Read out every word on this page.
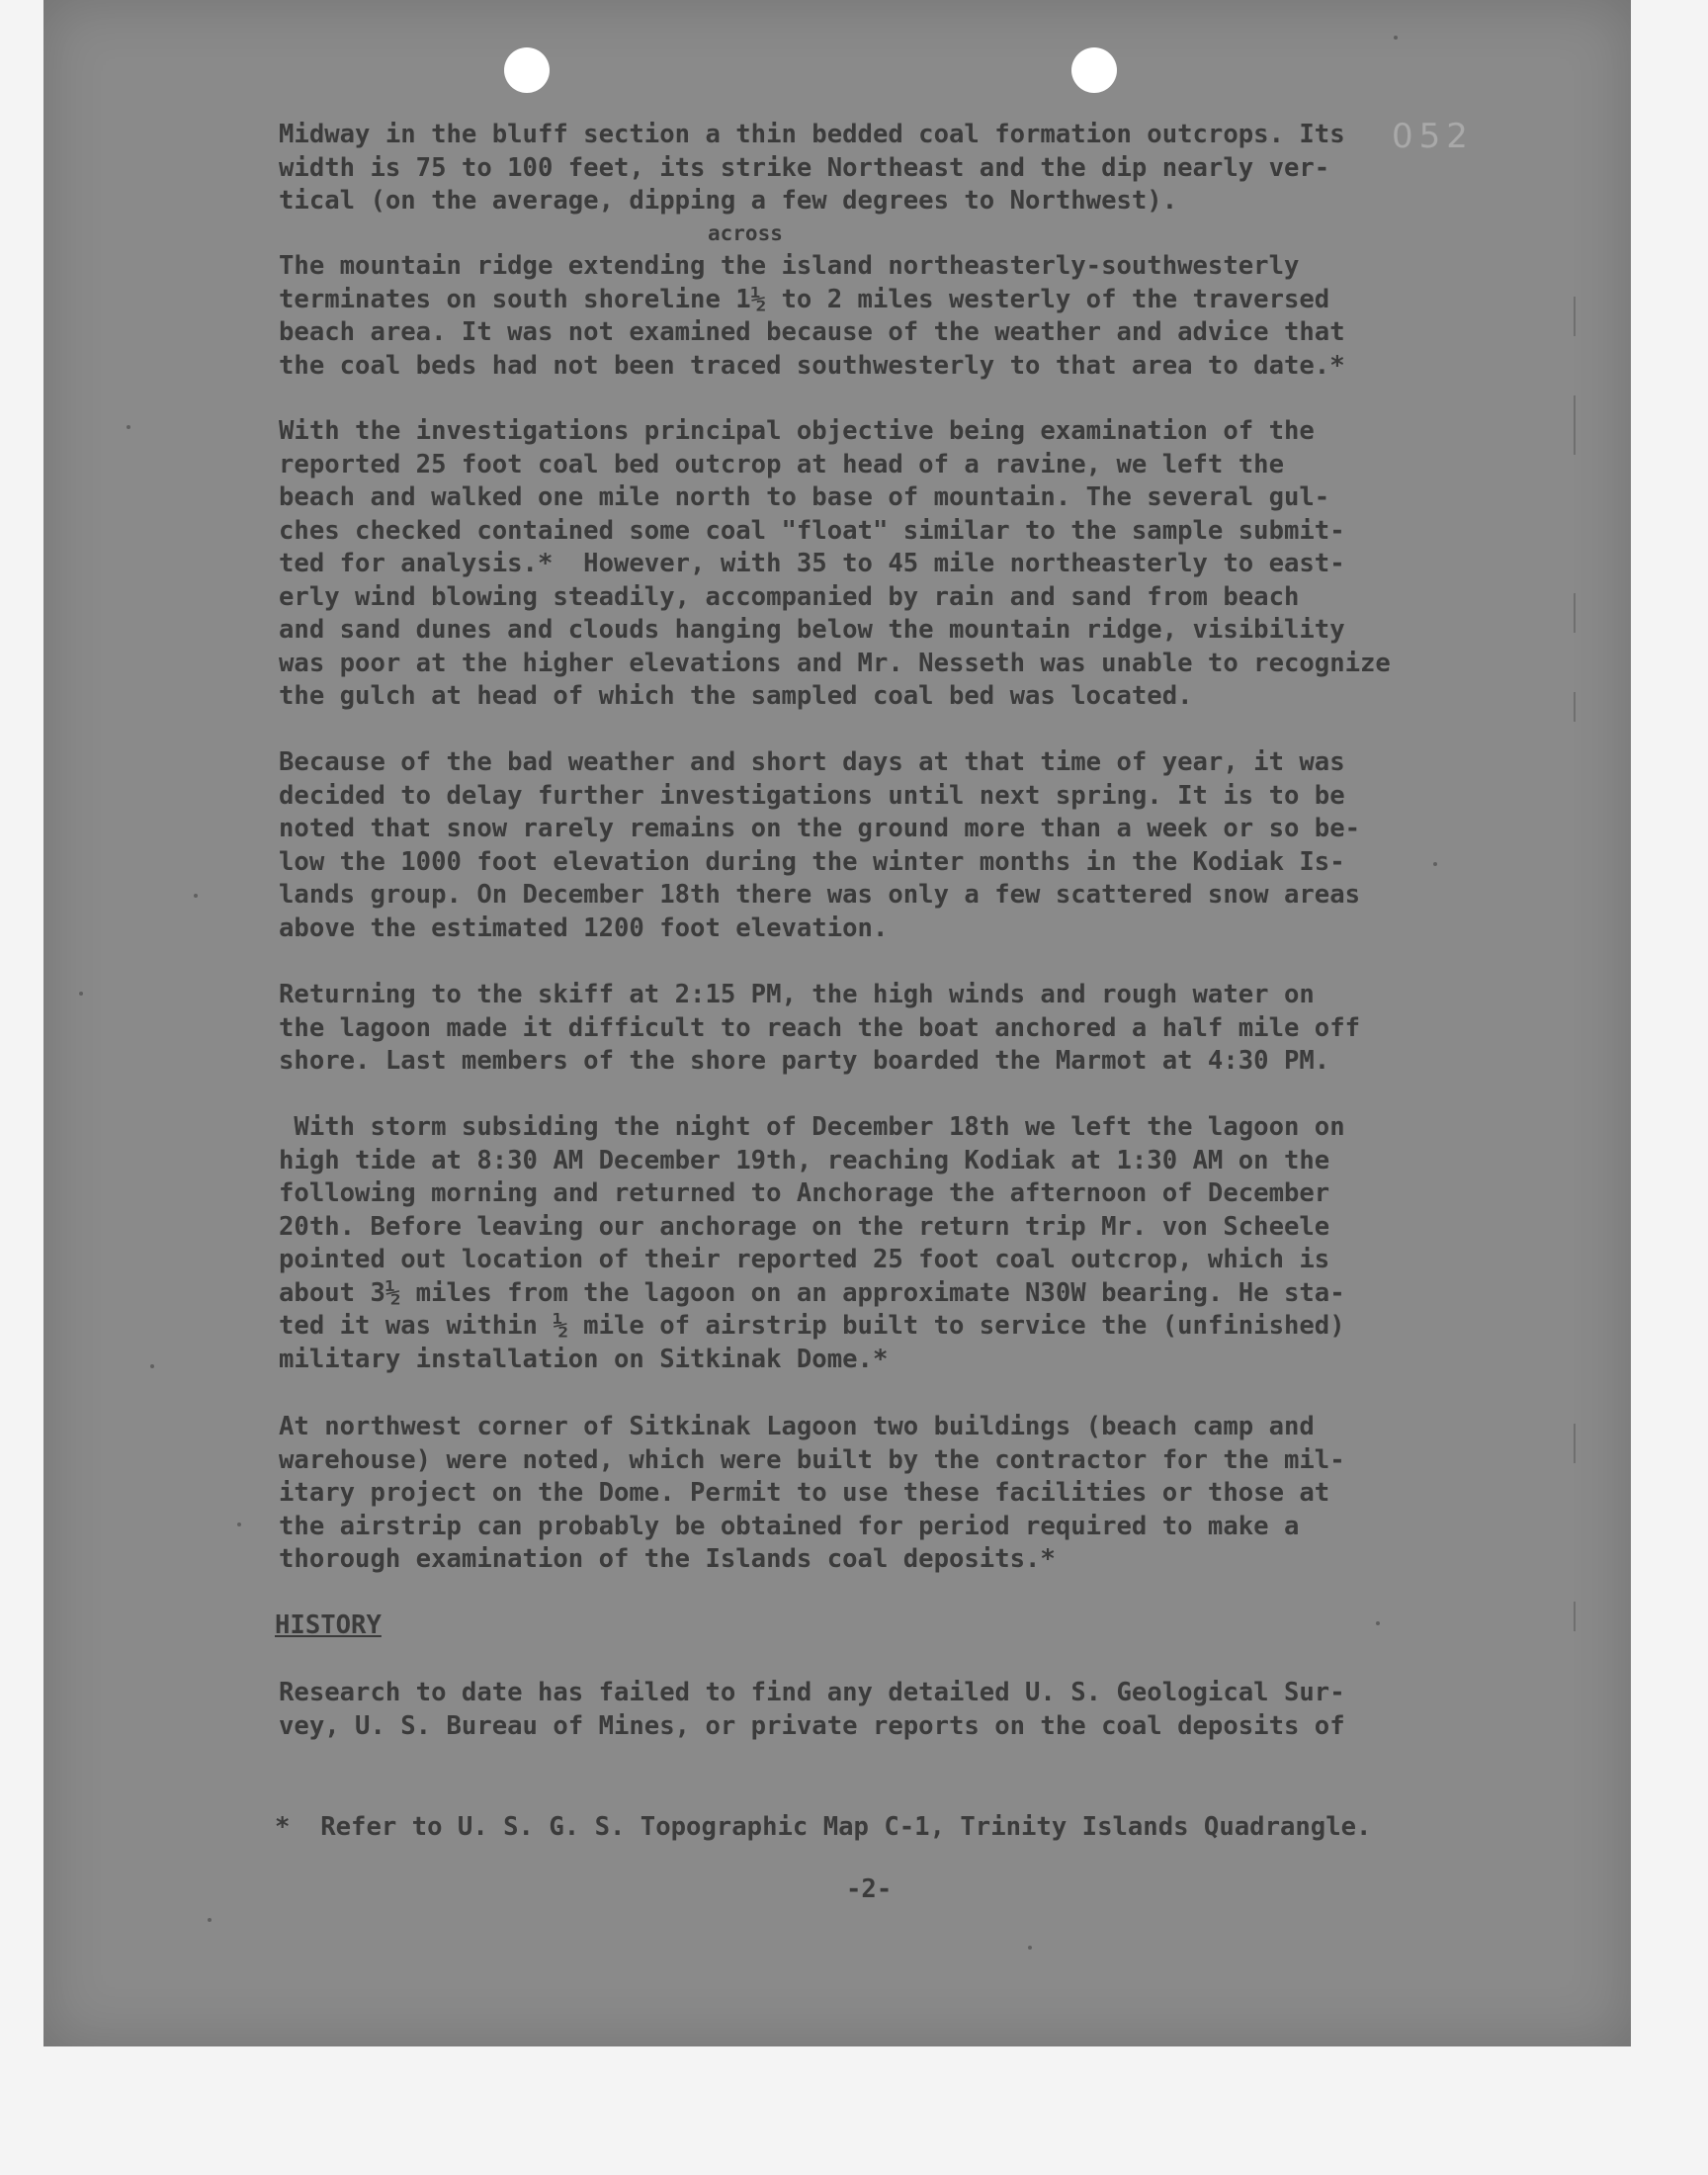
052
Midway in the bluff section a thin bedded coal formation outcrops. Its
width is 75 to 100 feet, its strike Northeast and the dip nearly ver-
tical (on the average, dipping a few degrees to Northwest).
across
The mountain ridge extending the island northeasterly-southwesterly
terminates on south shoreline 1½ to 2 miles westerly of the traversed
beach area. It was not examined because of the weather and advice that
the coal beds had not been traced southwesterly to that area to date.*
With the investigations principal objective being examination of the
reported 25 foot coal bed outcrop at head of a ravine, we left the
beach and walked one mile north to base of mountain. The several gul-
ches checked contained some coal "float" similar to the sample submit-
ted for analysis.*  However, with 35 to 45 mile northeasterly to east-
erly wind blowing steadily, accompanied by rain and sand from beach
and sand dunes and clouds hanging below the mountain ridge, visibility
was poor at the higher elevations and Mr. Nesseth was unable to recognize
the gulch at head of which the sampled coal bed was located.
Because of the bad weather and short days at that time of year, it was
decided to delay further investigations until next spring. It is to be
noted that snow rarely remains on the ground more than a week or so be-
low the 1000 foot elevation during the winter months in the Kodiak Is-
lands group. On December 18th there was only a few scattered snow areas
above the estimated 1200 foot elevation.
Returning to the skiff at 2:15 PM, the high winds and rough water on
the lagoon made it difficult to reach the boat anchored a half mile off
shore. Last members of the shore party boarded the Marmot at 4:30 PM.
With storm subsiding the night of December 18th we left the lagoon on
high tide at 8:30 AM December 19th, reaching Kodiak at 1:30 AM on the
following morning and returned to Anchorage the afternoon of December
20th. Before leaving our anchorage on the return trip Mr. von Scheele
pointed out location of their reported 25 foot coal outcrop, which is
about 3½ miles from the lagoon on an approximate N30W bearing. He sta-
ted it was within ½ mile of airstrip built to service the (unfinished)
military installation on Sitkinak Dome.*
At northwest corner of Sitkinak Lagoon two buildings (beach camp and
warehouse) were noted, which were built by the contractor for the mil-
itary project on the Dome. Permit to use these facilities or those at
the airstrip can probably be obtained for period required to make a
thorough examination of the Islands coal deposits.*
HISTORY
Research to date has failed to find any detailed U. S. Geological Sur-
vey, U. S. Bureau of Mines, or private reports on the coal deposits of
*  Refer to U. S. G. S. Topographic Map C-1, Trinity Islands Quadrangle.
-2-
